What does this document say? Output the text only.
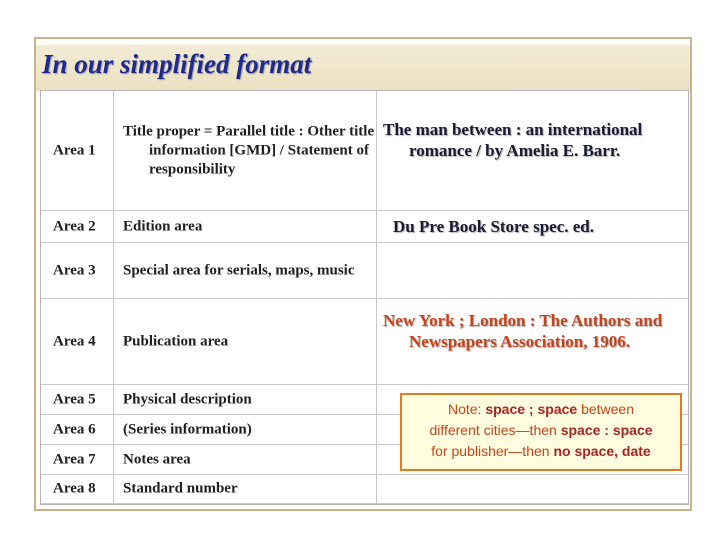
In our simplified format
Area 1
Title proper = Parallel title : Other title information [GMD] / Statement of responsibility
The man between : an international romance / by Amelia E. Barr.
Area 2 Edition area	Du Pre Book Store spec. ed.
Area 3 Special area for serials, maps, music
Area 4 Publication area
New York ; London : The Authors and Newspapers Association, 1906.
Area 5 Physical description
Area 6 (Series information)
Area 7 Notes area
Area 8 Standard number
Note: space ; space between
different cities—then space : space
for publisher—then no space, date
